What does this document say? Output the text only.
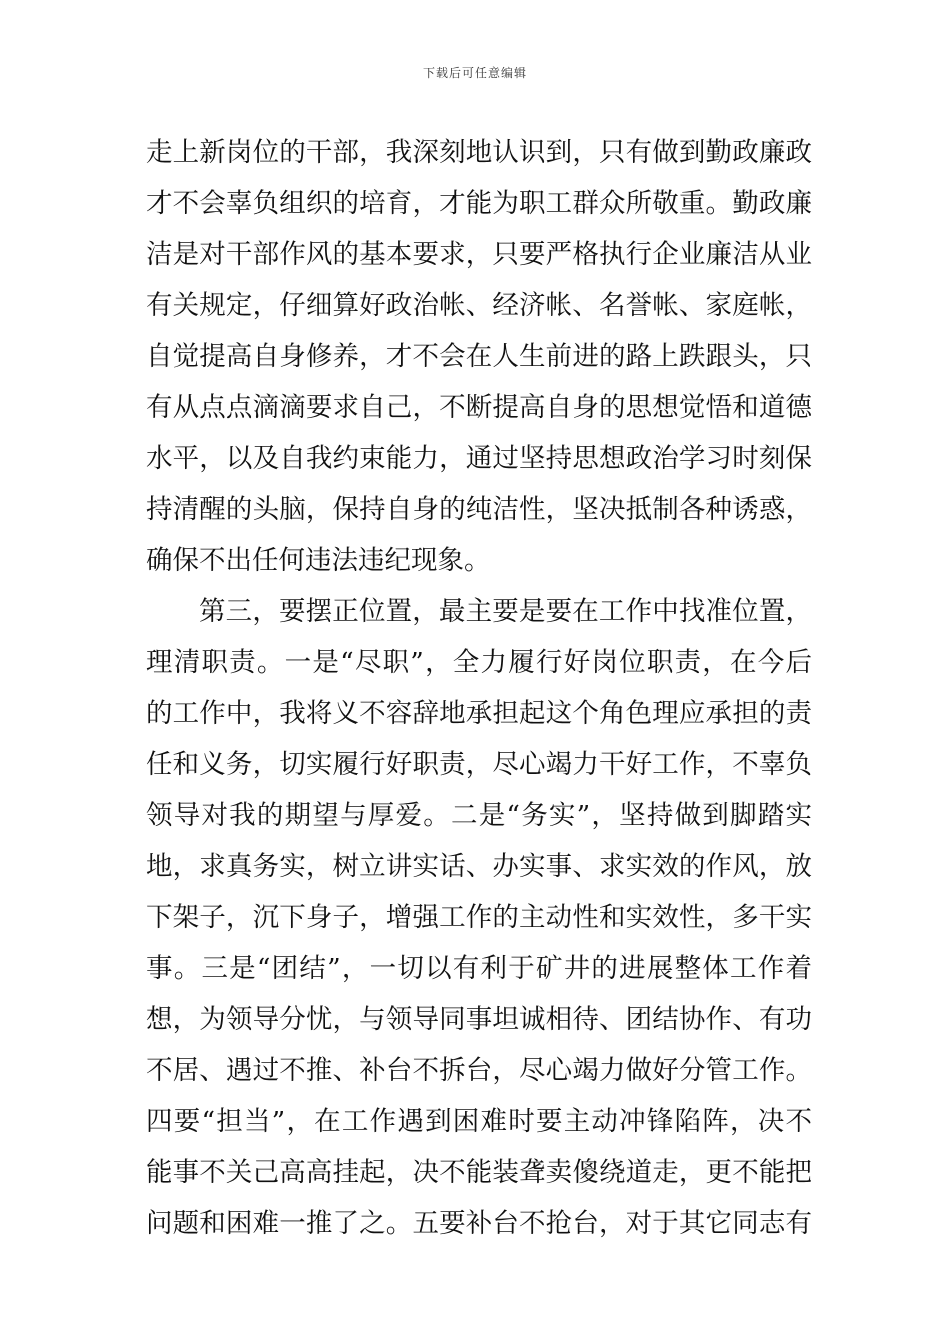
下载后可任意编辑
走上新岗位的干部，我深刻地认识到，只有做到勤政廉政
才不会辜负组织的培育，才能为职工群众所敬重。勤政廉
洁是对干部作风的基本要求，只要严格执行企业廉洁从业
有关规定，仔细算好政治帐、经济帐、名誉帐、家庭帐，
自觉提高自身修养，才不会在人生前进的路上跌跟头，只
有从点点滴滴要求自己，不断提高自身的思想觉悟和道德
水平，以及自我约束能力，通过坚持思想政治学习时刻保
持清醒的头脑，保持自身的纯洁性，坚决抵制各种诱惑，
确保不出任何违法违纪现象。
第三，要摆正位置，最主要是要在工作中找准位置，
理清职责。一是“尽职”，全力履行好岗位职责，在今后
的工作中，我将义不容辞地承担起这个角色理应承担的责
任和义务，切实履行好职责，尽心竭力干好工作，不辜负
领导对我的期望与厚爱。二是“务实”，坚持做到脚踏实
地，求真务实，树立讲实话、办实事、求实效的作风，放
下架子，沉下身子，增强工作的主动性和实效性，多干实
事。三是“团结”，一切以有利于矿井的进展整体工作着
想，为领导分忧，与领导同事坦诚相待、团结协作、有功
不居、遇过不推、补台不拆台，尽心竭力做好分管工作。
四要“担当”，在工作遇到困难时要主动冲锋陷阵，决不
能事不关己高高挂起，决不能装聋卖傻绕道走，更不能把
问题和困难一推了之。五要补台不抢台，对于其它同志有
